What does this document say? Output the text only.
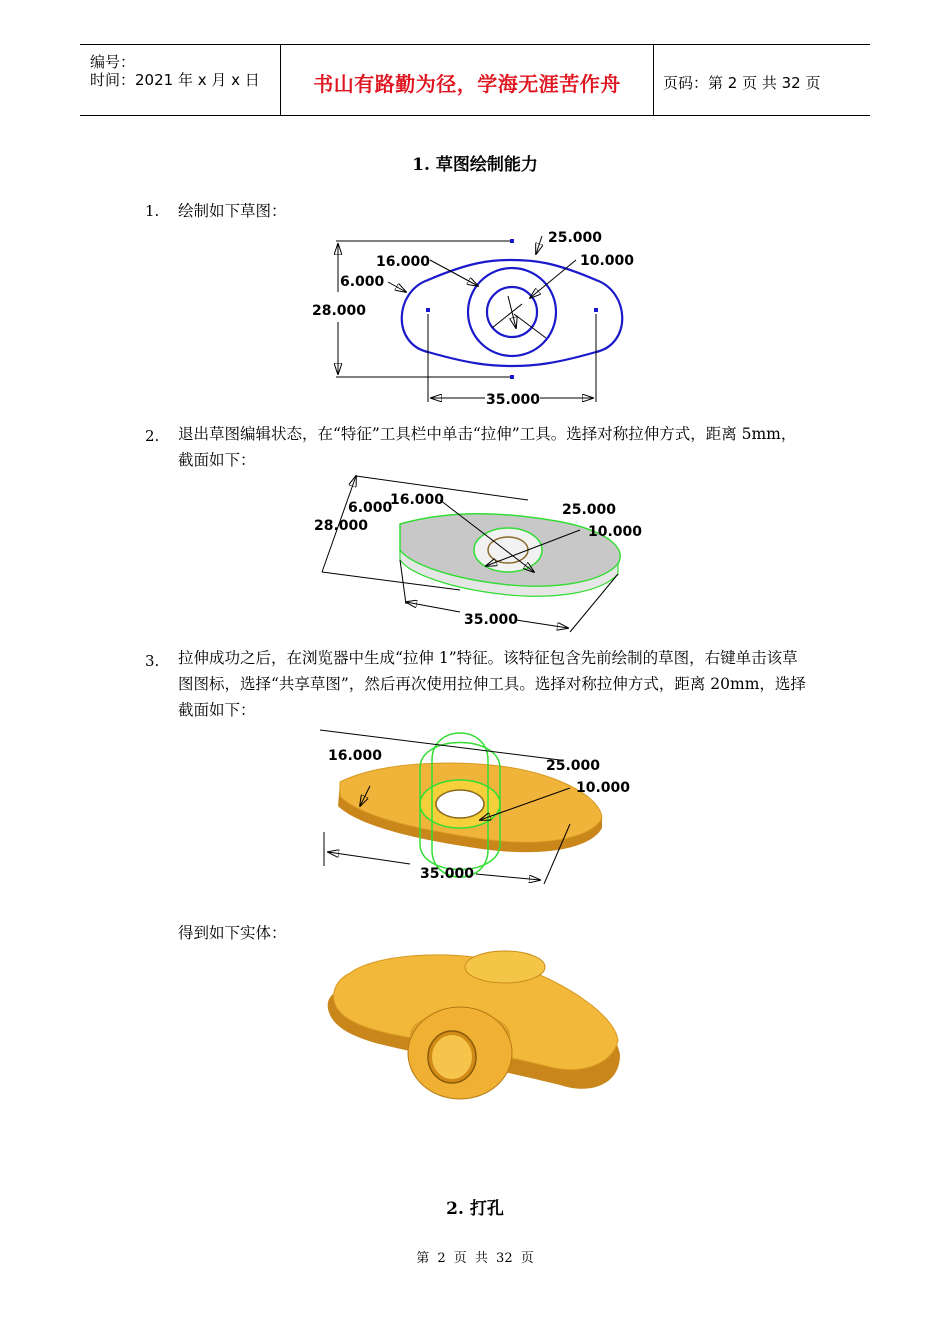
编号：
时间：2021 年 x 月 x 日	书山有路勤为径，学海无涯苦作舟	页码：第 2 页 共 32 页
1. 草图绘制能力
1. 绘制如下草图：
28.000
35.000
16.000
6.000
10.000
25.000
2. 退出草图编辑状态，在“特征”工具栏中单击“拉伸”工具。选择对称拉伸方式，距离 5mm，截面如下：
28.000
6.000
16.000
25.000
10.000
35.000
3. 拉伸成功之后，在浏览器中生成“拉伸 1”特征。该特征包含先前绘制的草图，右键单击该草图图标，选择“共享草图”，然后再次使用拉伸工具。选择对称拉伸方式，距离 20mm，选择截面如下：
16.000
25.000
10.000
35.000
得到如下实体：
2. 打孔
第 2 页 共 32 页
